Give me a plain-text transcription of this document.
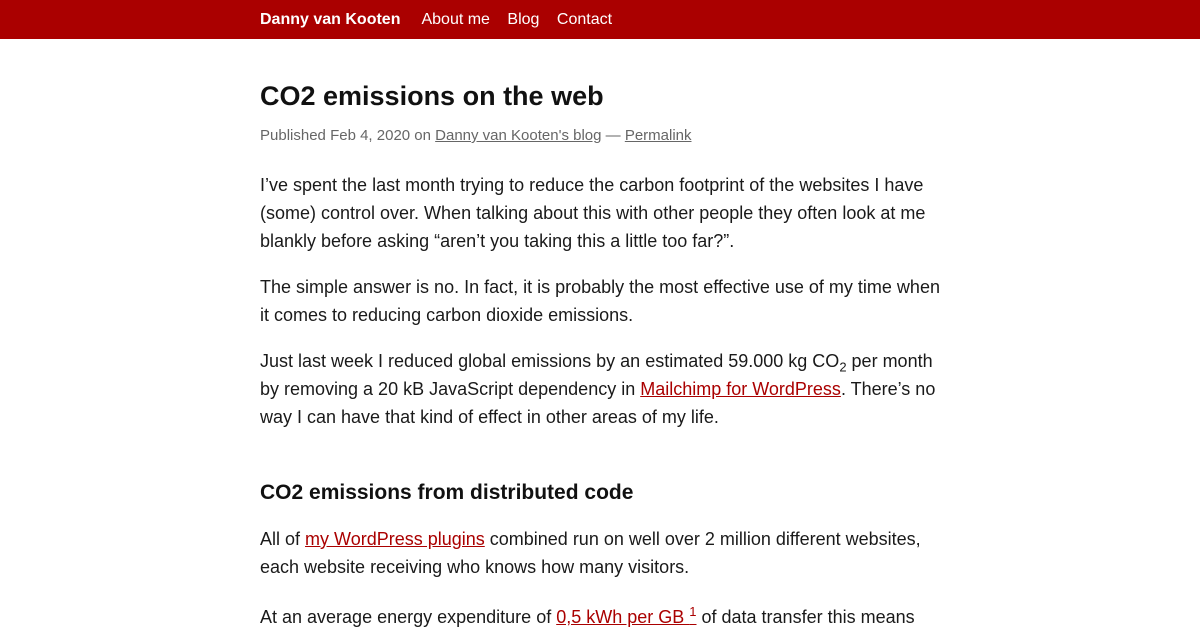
Danny van Kooten About me Blog Contact
CO2 emissions on the web
Published Feb 4, 2020 on Danny van Kooten's blog — Permalink

I’ve spent the last month trying to reduce the carbon footprint of the websites I have (some) control over. When talking about this with other people they often look at me blankly before asking “aren’t you taking this a little too far?”.

The simple answer is no. In fact, it is probably the most effective use of my time when it comes to reducing carbon dioxide emissions.

Just last week I reduced global emissions by an estimated 59.000 kg $CO_2$ per month by removing a 20 kB JavaScript dependency in Mailchimp for WordPress. There’s no way I can have that kind of effect in other areas of my life.

CO2 emissions from distributed code

All of my WordPress plugins combined run on well over 2 million different websites, each website receiving who knows how many visitors.

At an average energy expenditure of 0,5 kWh per GB $^1$ of data transfer this means
